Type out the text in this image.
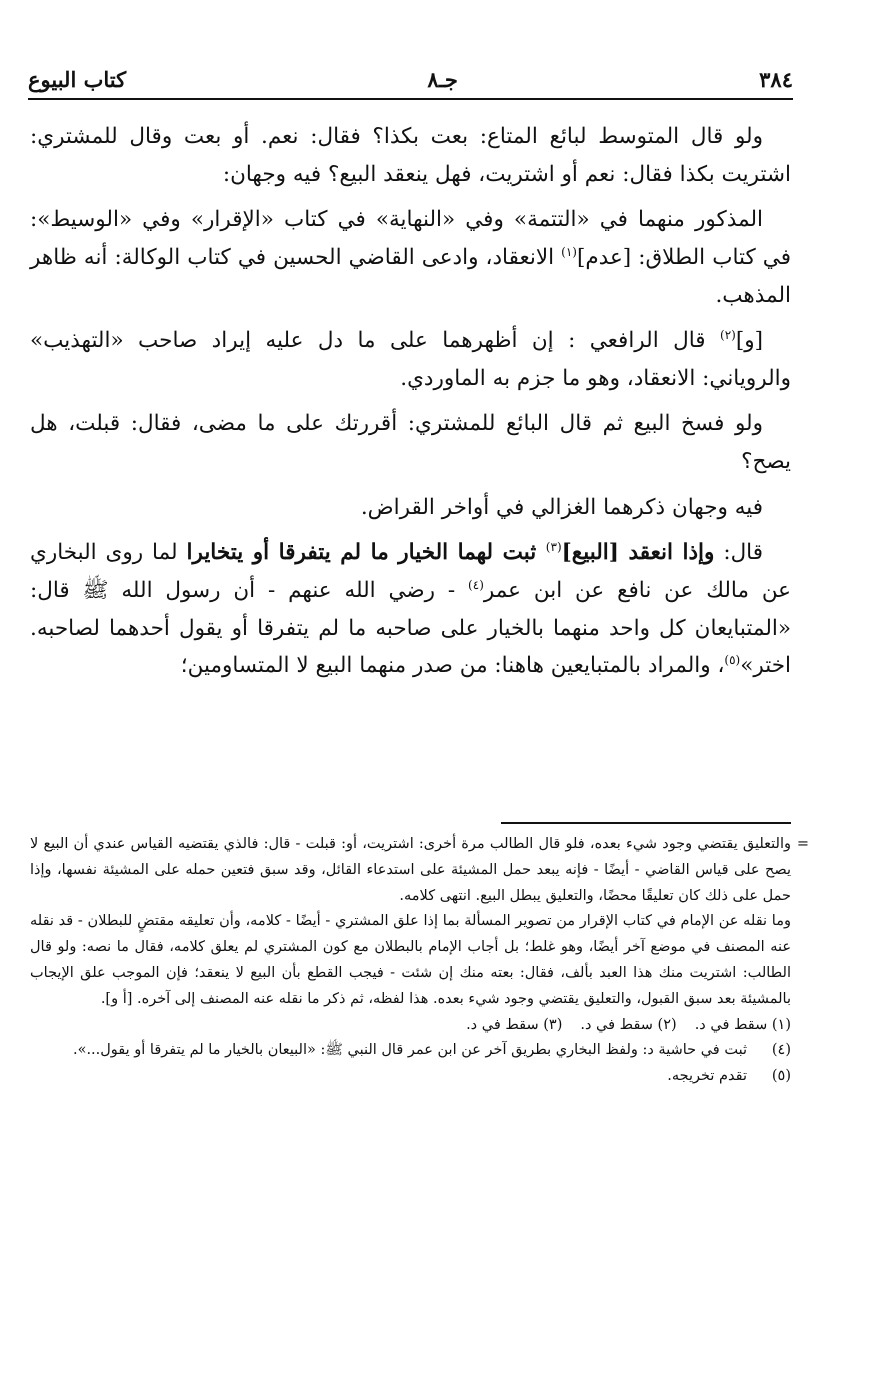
٣٨٤
جـ٨
كتاب البيوع

ولو قال المتوسط لبائع المتاع: بعت بكذا؟ فقال: نعم. أو بعت وقال للمشتري: اشتريت بكذا فقال: نعم أو اشتريت، فهل ينعقد البيع؟ فيه وجهان:

المذكور منهما في «التتمة» وفي «النهاية» في كتاب «الإقرار» وفي «الوسيط»: في كتاب الطلاق: [عدم]$^{(١)}$ الانعقاد، وادعى القاضي الحسين في كتاب الوكالة: أنه ظاهر المذهب.

[و]$^{(٢)}$ قال الرافعي : إن أظهرهما على ما دل عليه إيراد صاحب «التهذيب» والروياني: الانعقاد، وهو ما جزم به الماوردي.

ولو فسخ البيع ثم قال البائع للمشتري: أقررتك على ما مضى، فقال: قبلت، هل يصح؟

فيه وجهان ذكرهما الغزالي في أواخر القراض.

قال: وإذا انعقد [البيع]$^{(٣)}$ ثبت لهما الخيار ما لم يتفرقا أو يتخايرا لما روى البخاري عن مالك عن نافع عن ابن عمر$^{(٤)}$ - رضي الله عنهم - أن رسول الله ﷺ قال: «المتبايعان كل واحد منهما بالخيار على صاحبه ما لم يتفرقا أو يقول أحدهما لصاحبه. اختر»$^{(٥)}$، والمراد بالمتبايعين هاهنا: من صدر منهما البيع لا المتساومين؛

=
والتعليق يقتضي وجود شيء بعده، فلو قال الطالب مرة أخرى: اشتريت، أو: قبلت - قال: فالذي يقتضيه القياس عندي أن البيع لا يصح على قياس القاضي - أيضًا - فإنه يبعد حمل المشيئة على استدعاء القائل، وقد سبق فتعين حمله على المشيئة نفسها، وإذا حمل على ذلك كان تعليقًا محضًا، والتعليق يبطل البيع. انتهى كلامه.

وما نقله عن الإمام في كتاب الإقرار من تصوير المسألة بما إذا علق المشتري - أيضًا - كلامه، وأن تعليقه مقتضٍ للبطلان - قد نقله عنه المصنف في موضع آخر أيضًا، وهو غلط؛ بل أجاب الإمام بالبطلان مع كون المشتري لم يعلق كلامه، فقال ما نصه: ولو قال الطالب: اشتريت منك هذا العبد بألف، فقال: بعته منك إن شئت - فيجب القطع بأن البيع لا ينعقد؛ فإن الموجب علق الإيجاب بالمشيئة بعد سبق القبول، والتعليق يقتضي وجود شيء بعده. هذا لفظه، ثم ذكر ما نقله عنه المصنف إلى آخره. [أ و].

(١) سقط في د.
(٢) سقط في د.
(٣) سقط في د.
(٤)
ثبت في حاشية د: ولفظ البخاري بطريق آخر عن ابن عمر قال النبي ﷺ: «البيعان بالخيار ما لم يتفرقا أو يقول...».
(٥)
تقدم تخريجه.
